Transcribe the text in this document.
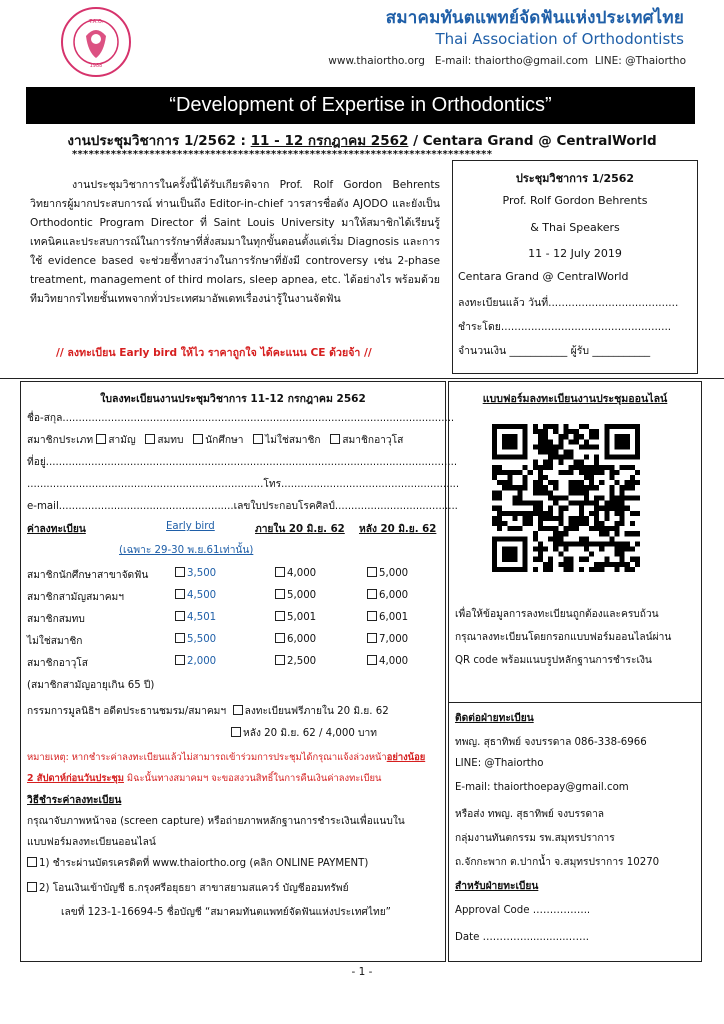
1988
T.A.O.	สมาคมทันตแพทย์จัดฟันแห่งประเทศไทย
Thai Association of Orthodontists
www.thaiortho.org   E-mail: thaiortho@gmail.com  LINE: @Thaiortho
“Development of Expertise in Orthodontics”
งานประชุมวิชาการ 1/2562 : 11 - 12 กรกฎาคม 2562 / Centara Grand @ CentralWorld
****************************************************************************

งานประชุมวิชาการในครั้งนี้ได้รับเกียรติจาก Prof. Rolf Gordon Behrents วิทยากรผู้มากประสบการณ์ ท่านเป็นถึง Editor-in-chief วารสารชื่อดัง AJODO และยังเป็น Orthodontic Program Director ที่ Saint Louis University มาให้สมาชิกได้เรียนรู้เทคนิคและประสบการณ์ในการรักษาที่สั่งสมมาในทุกขั้นตอนตั้งแต่เริ่ม Diagnosis และการใช้ evidence based จะช่วยชี้ทางสว่างในการรักษาที่ยังมี controversy เช่น 2-phase treatment, management of third molars, sleep apnea, etc. ได้อย่างไร พร้อมด้วยทีมวิทยากรไทยชั้นเทพจากทั่วประเทศมาอัพเดทเรื่องน่ารู้ในงานจัดฟัน

// ลงทะเบียน Early bird ให้ไว ราคาถูกใจ ได้คะแนน CE ด้วยจ้า //
ประชุมวิชาการ 1/2562
Prof. Rolf Gordon Behrents
& Thai Speakers
11 - 12 July 2019
Centara Grand @ CentralWorld
ลงทะเบียนแล้ว วันที่.......................................
ชำระโดย...................................................
จำนวนเงิน ___________ ผู้รับ ___________
ใบลงทะเบียนงานประชุมวิชาการ 11-12 กรกฎาคม 2562
ชื่อ-สกุล.........................................................................................................................
สมาชิกประเภท สามัญ สมทบ นักศึกษา ไม่ใช่สมาชิก สมาชิกอาวุโส
ที่อยู่...............................................................................................................................
.........................................................................โทร.......................................................
e-mail......................................................เลขใบประกอบโรคศิลป์......................................
ค่าลงทะเบียน	Early bird	ภายใน 20 มิ.ย. 62 หลัง 20 มิ.ย. 62
(เฉพาะ 29-30 พ.ย.61เท่านั้น)
สมาชิกนักศึกษาสาขาจัดฟัน	3,500	4,000	5,000
สมาชิกสามัญสมาคมฯ	4,500	5,000	6,000
สมาชิกสมทบ	4,501	5,001	6,001
ไม่ใช่สมาชิก	5,500	6,000	7,000
สมาชิกอาวุโส	2,000	2,500	4,000
(สมาชิกสามัญอายุเกิน 65 ปี)
กรรมการมูลนิธิฯ อดีตประธานชมรม/สมาคมฯ ลงทะเบียนฟรีภายใน 20 มิ.ย. 62
หลัง 20 มิ.ย. 62 / 4,000 บาท
หมายเหตุ: หากชำระค่าลงทะเบียนแล้วไม่สามารถเข้าร่วมการประชุมได้กรุณาแจ้งล่วงหน้าอย่างน้อย
2 สัปดาห์ก่อนวันประชุม มิฉะนั้นทางสมาคมฯ จะขอสงวนสิทธิ์ในการคืนเงินค่าลงทะเบียน
วิธีชำระค่าลงทะเบียน
กรุณาจับภาพหน้าจอ (screen capture) หรือถ่ายภาพหลักฐานการชำระเงินเพื่อแนบใน
แบบฟอร์มลงทะเบียนออนไลน์
1) ชำระผ่านบัตรเครดิตที่ www.thaiortho.org (คลิก ONLINE PAYMENT)
2) โอนเงินเข้าบัญชี ธ.กรุงศรีอยุธยา สาขาสยามสแควร์ บัญชีออมทรัพย์
เลขที่ 123-1-16694-5 ชื่อบัญชี “สมาคมทันตแพทย์จัดฟันแห่งประเทศไทย”
แบบฟอร์มลงทะเบียนงานประชุมออนไลน์
เพื่อให้ข้อมูลการลงทะเบียนถูกต้องและครบถ้วน
กรุณาลงทะเบียนโดยกรอกแบบฟอร์มออนไลน์ผ่าน
QR code พร้อมแนบรูปหลักฐานการชำระเงิน
ติดต่อฝ่ายทะเบียน
ทพญ. สุธาทิพย์ จงบรรดาล 086-338-6966
LINE: @Thaiortho
E-mail: thaiorthoepay@gmail.com
หรือส่ง ทพญ. สุธาทิพย์ จงบรรดาล
กลุ่มงานทันตกรรม รพ.สมุทรปราการ
ถ.จักกะพาก ต.ปากน้ำ จ.สมุทรปราการ 10270
สำหรับฝ่ายทะเบียน
Approval Code ……………..
Date ………….............…….
- 1 -
